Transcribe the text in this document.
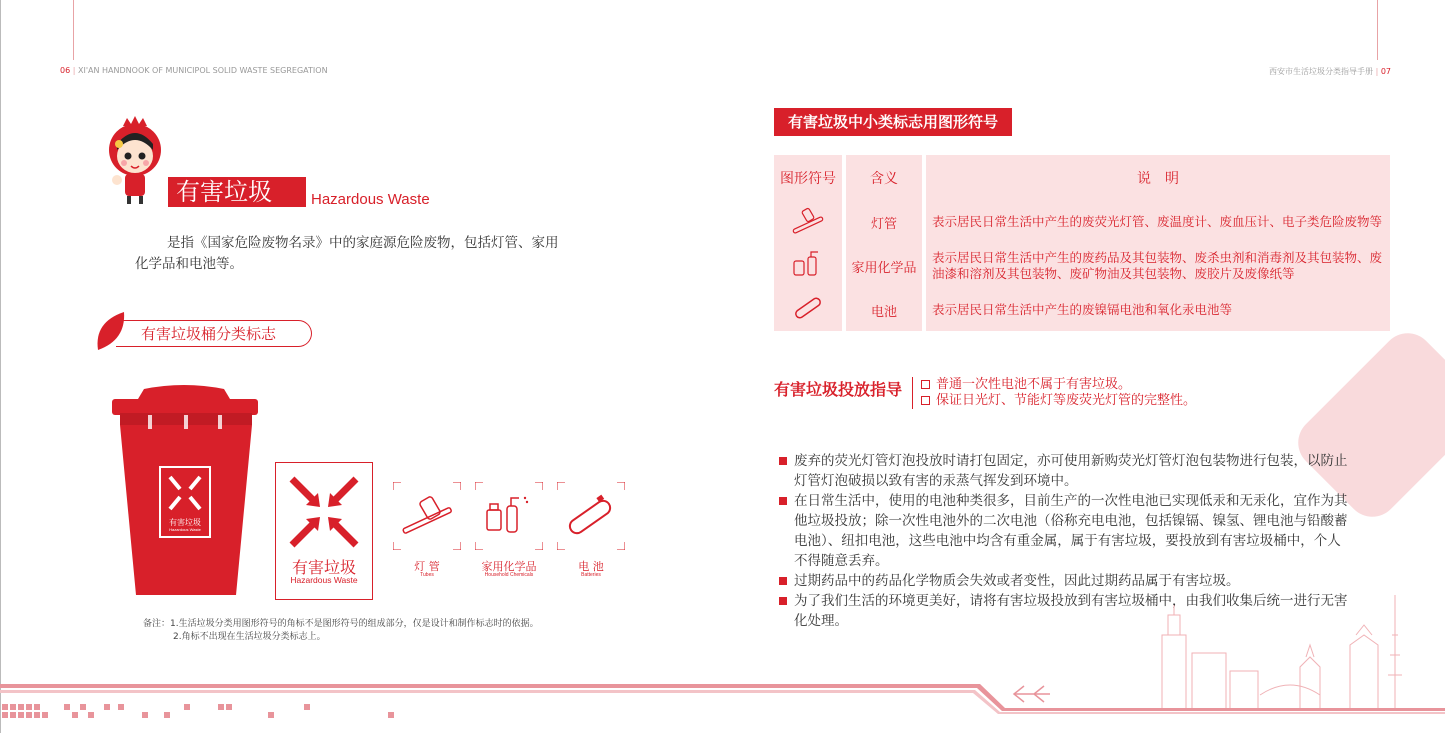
06 | XI'AN HANDNOOK OF MUNICIPOL SOLID WASTE SEGREGATION	西安市生活垃圾分类指导手册 | 07
有害垃圾	Hazardous Waste
是指《国家危险废物名录》中的家庭源危险废物，包括灯管、家用
化学品和电池等。
有害垃圾桶分类标志
有害垃圾
Hazardous Waste
有害垃圾
Hazardous Waste
灯 管
Tubes
家用化学品
Household Chemicals
电 池
Batteries
备注：1.生活垃圾分类用图形符号的角标不是图形符号的组成部分，仅是设计和制作标志时的依据。
2.角标不出现在生活垃圾分类标志上。
有害垃圾中小类标志用图形符号
图形符号	含义	说　明
	灯管	表示居民日常生活中产生的废荧光灯管、废温度计、废血压计、电子类危险废物等
	家用化学品	表示居民日常生活中产生的废药品及其包装物、废杀虫剂和消毒剂及其包装物、废油漆和溶剂及其包装物、废矿物油及其包装物、废胶片及废像纸等
	电池	表示居民日常生活中产生的废镍镉电池和氧化汞电池等
有害垃圾投放指导	普通一次性电池不属于有害垃圾。
保证日光灯、节能灯等废荧光灯管的完整性。
废弃的荧光灯管灯泡投放时请打包固定，亦可使用新购荧光灯管灯泡包装物进行包装，以防止灯管灯泡破损以致有害的汞蒸气挥发到环境中。
在日常生活中，使用的电池种类很多，目前生产的一次性电池已实现低汞和无汞化，宜作为其他垃圾投放；除一次性电池外的二次电池（俗称充电电池，包括镍镉、镍氢、锂电池与铅酸蓄电池）、纽扣电池，这些电池中均含有重金属，属于有害垃圾，要投放到有害垃圾桶中，个人不得随意丢弃。
过期药品中的药品化学物质会失效或者变性，因此过期药品属于有害垃圾。
为了我们生活的环境更美好，请将有害垃圾投放到有害垃圾桶中，由我们收集后统一进行无害化处理。
